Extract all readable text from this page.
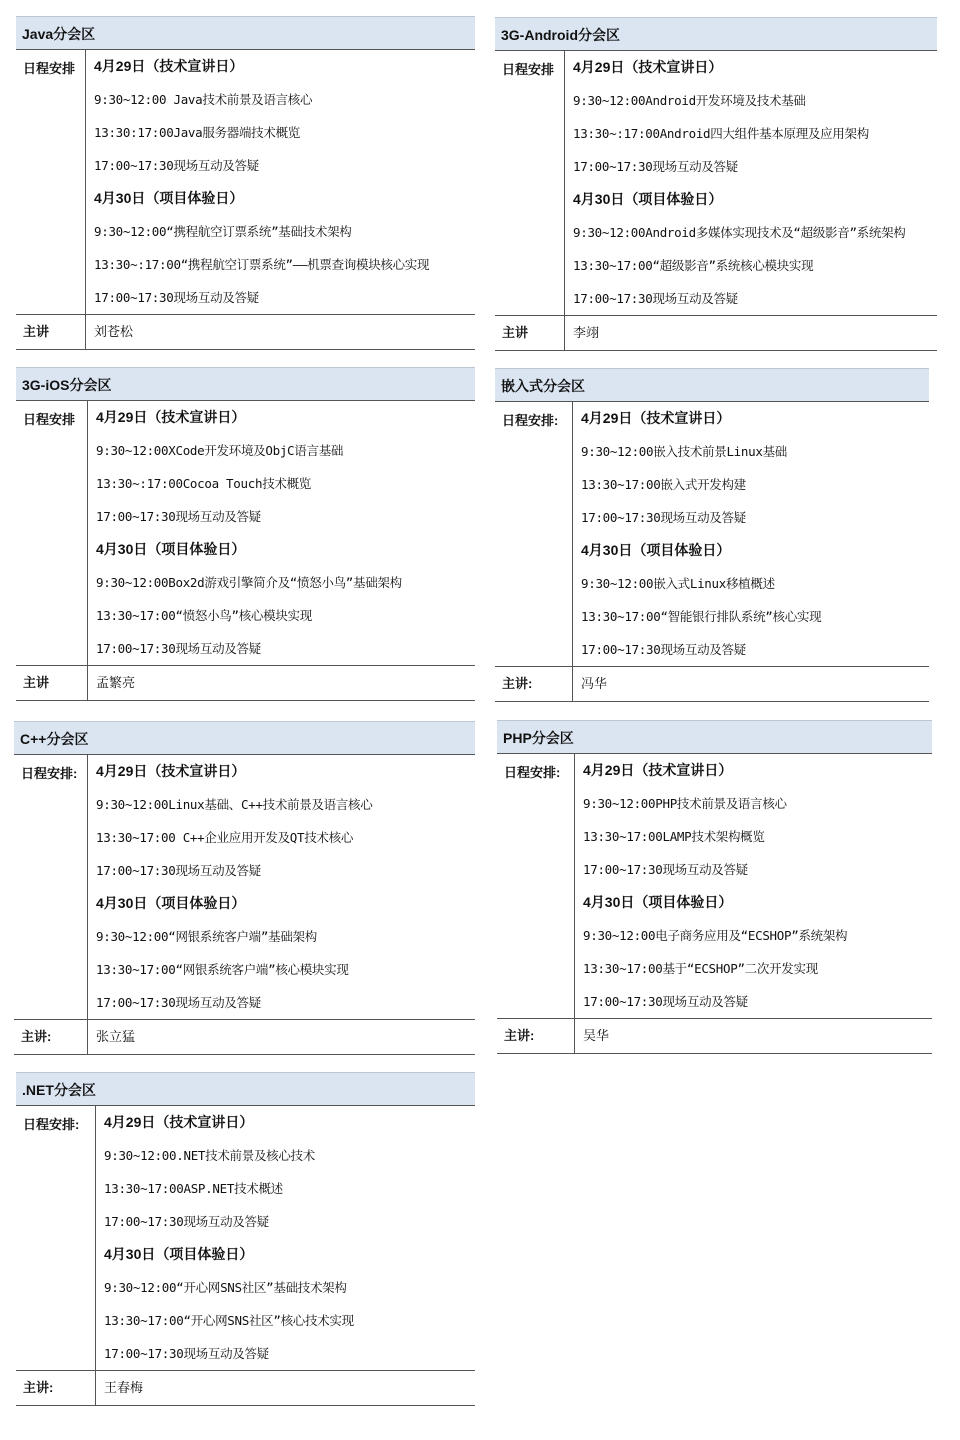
Java分会区
日程安排	4月29日（技术宣讲日）
9:30~12:00 Java技术前景及语言核心
13:30:17:00Java服务器端技术概览
17:00~17:30现场互动及答疑
4月30日（项目体验日）
9:30~12:00“携程航空订票系统”基础技术架构
13:30~:17:00“携程航空订票系统”——机票查询模块核心实现
17:00~17:30现场互动及答疑
主讲	刘苍松
3G-Android分会区
日程安排	4月29日（技术宣讲日）
9:30~12:00Android开发环境及技术基础
13:30~:17:00Android四大组件基本原理及应用架构
17:00~17:30现场互动及答疑
4月30日（项目体验日）
9:30~12:00Android多媒体实现技术及“超级影音”系统架构
13:30~17:00“超级影音”系统核心模块实现
17:00~17:30现场互动及答疑
主讲	李翊
3G-iOS分会区
日程安排	4月29日（技术宣讲日）
9:30~12:00XCode开发环境及ObjC语言基础
13:30~:17:00Cocoa Touch技术概览
17:00~17:30现场互动及答疑
4月30日（项目体验日）
9:30~12:00Box2d游戏引擎简介及“愤怒小鸟”基础架构
13:30~17:00“愤怒小鸟”核心模块实现
17:00~17:30现场互动及答疑
主讲	孟繁亮
嵌入式分会区
日程安排:	4月29日（技术宣讲日）
9:30~12:00嵌入技术前景Linux基础
13:30~17:00嵌入式开发构建
17:00~17:30现场互动及答疑
4月30日（项目体验日）
9:30~12:00嵌入式Linux移植概述
13:30~17:00“智能银行排队系统”核心实现
17:00~17:30现场互动及答疑
主讲:	冯华
C++分会区
日程安排:	4月29日（技术宣讲日）
9:30~12:00Linux基础、C++技术前景及语言核心
13:30~17:00 C++企业应用开发及QT技术核心
17:00~17:30现场互动及答疑
4月30日（项目体验日）
9:30~12:00“网银系统客户端”基础架构
13:30~17:00“网银系统客户端”核心模块实现
17:00~17:30现场互动及答疑
主讲:	张立猛
PHP分会区
日程安排:	4月29日（技术宣讲日）
9:30~12:00PHP技术前景及语言核心
13:30~17:00LAMP技术架构概览
17:00~17:30现场互动及答疑
4月30日（项目体验日）
9:30~12:00电子商务应用及“ECSHOP”系统架构
13:30~17:00基于“ECSHOP”二次开发实现
17:00~17:30现场互动及答疑
主讲:	吴华
.NET分会区
日程安排:	4月29日（技术宣讲日）
9:30~12:00.NET技术前景及核心技术
13:30~17:00ASP.NET技术概述
17:00~17:30现场互动及答疑
4月30日（项目体验日）
9:30~12:00“开心网SNS社区”基础技术架构
13:30~17:00“开心网SNS社区”核心技术实现
17:00~17:30现场互动及答疑
主讲:	王春梅
